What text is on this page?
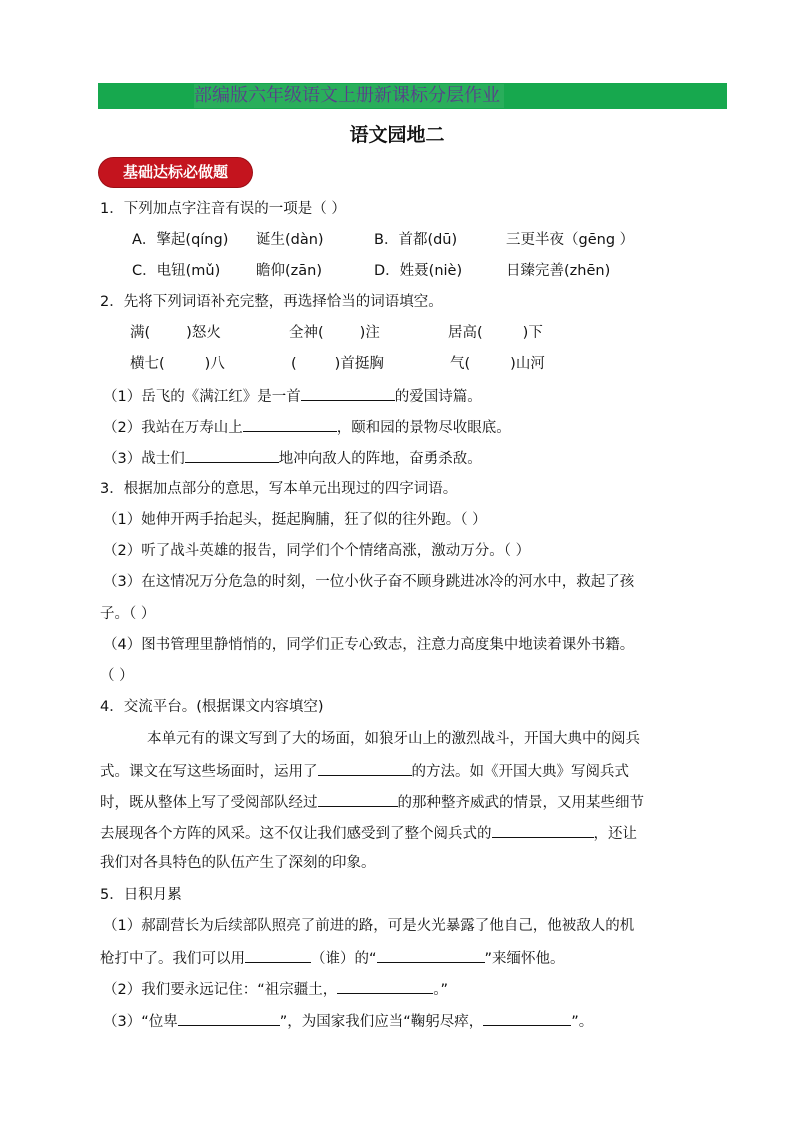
部编版六年级语文上册新课标分层作业
语文园地二
基础达标必做题
1．下列加点字注音有误的一项是（ ）
A．擎起(qíng) 诞生(dàn)	B．首都(dū)	三更半夜（gēng ）
C．电钮(mǔ) 瞻仰(zān)	D．姓聂(niè)	日臻完善(zhēn)
2．先将下列词语补充完整，再选择恰当的词语填空。
满( )怒火	全神( )注	居高(	)下
横七(	)八	(	)首挺胸	气(	)山河
（1）岳飞的《满江红》是一首	的爱国诗篇。
（2）我站在万寿山上	，颐和园的景物尽收眼底。
（3）战士们	地冲向敌人的阵地，奋勇杀敌。
3．根据加点部分的意思，写本单元出现过的四字词语。
（1）她伸开两手抬起头，挺起胸脯，狂了似的往外跑。（ ）
（2）听了战斗英雄的报告，同学们个个情绪高涨，激动万分。（ ）
（3）在这情况万分危急的时刻，一位小伙子奋不顾身跳进冰冷的河水中，救起了孩
子。（ ）
（4）图书管理里静悄悄的，同学们正专心致志，注意力高度集中地读着课外书籍。
（ ）
4．交流平台。(根据课文内容填空)
本单元有的课文写到了大的场面，如狼牙山上的激烈战斗，开国大典中的阅兵
式。课文在写这些场面时，运用了	的方法。如《开国大典》写阅兵式
时，既从整体上写了受阅部队经过	的那种整齐威武的情景，又用某些细节
去展现各个方阵的风采。这不仅让我们感受到了整个阅兵式的	，还让
我们对各具特色的队伍产生了深刻的印象。
5．日积月累
（1）郝副营长为后续部队照亮了前进的路，可是火光暴露了他自己，他被敌人的机
枪打中了。我们可以用	（谁）的“	”来缅怀他。
（2）我们要永远记住：“祖宗疆土，	。”
（3）“位卑	”，为国家我们应当“鞠躬尽瘁，	”。
